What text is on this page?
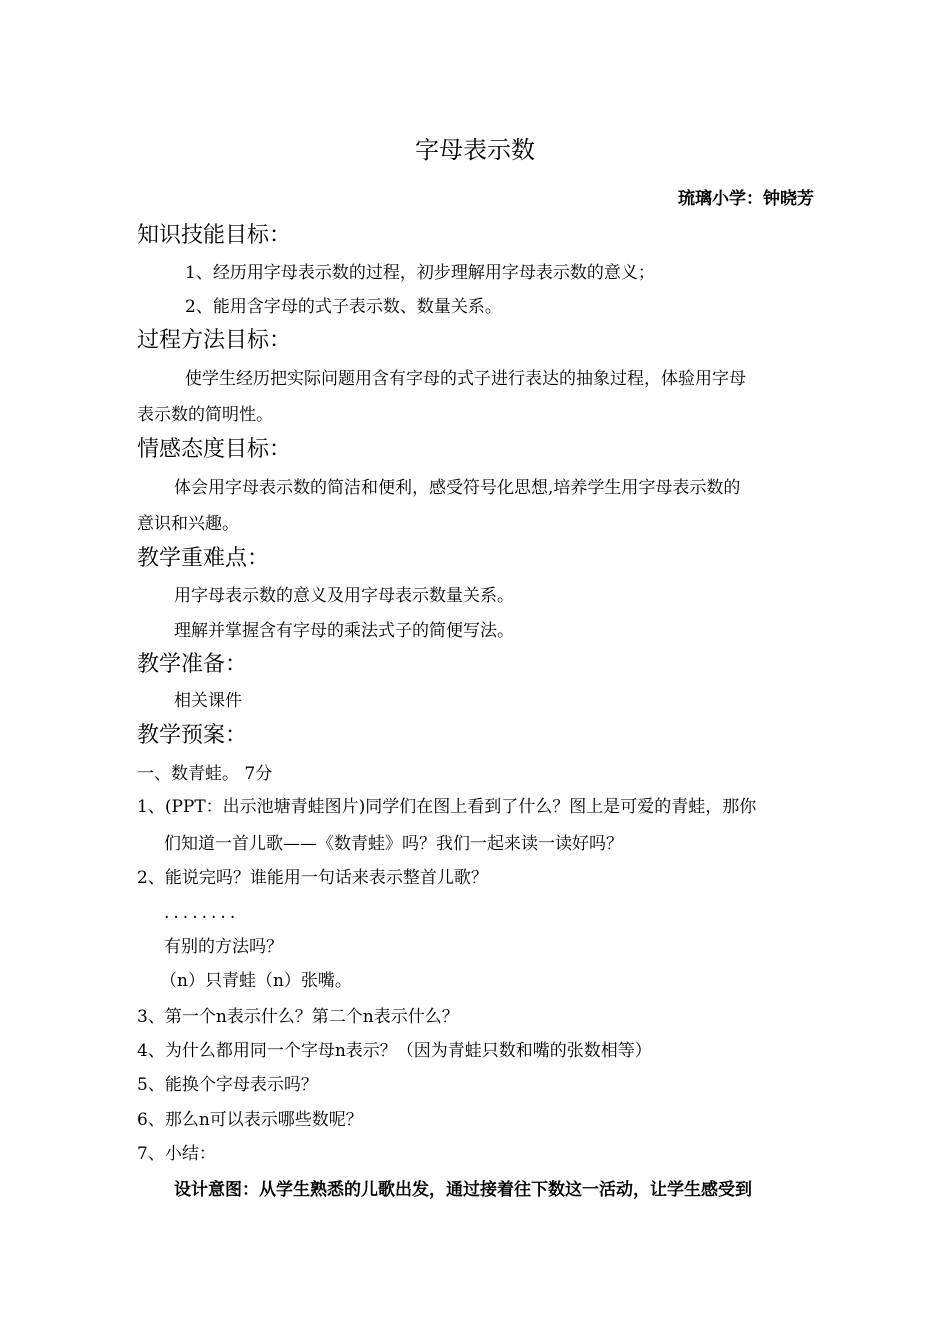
字母表示数
琉璃小学：钟晓芳
知识技能目标：
1、经历用字母表示数的过程，初步理解用字母表示数的意义；
2、能用含字母的式子表示数、数量关系。
过程方法目标：
使学生经历把实际问题用含有字母的式子进行表达的抽象过程，体验用字母
表示数的简明性。
情感态度目标：
体会用字母表示数的简洁和便利，感受符号化思想,培养学生用字母表示数的
意识和兴趣。
教学重难点：
用字母表示数的意义及用字母表示数量关系。
理解并掌握含有字母的乘法式子的简便写法。
教学准备：
相关课件
教学预案：
一、数青蛙。 7分
1、(PPT：出示池塘青蛙图片)同学们在图上看到了什么？图上是可爱的青蛙，那你
们知道一首儿歌——《数青蛙》吗？我们一起来读一读好吗？
2、能说完吗？谁能用一句话来表示整首儿歌？
........
有别的方法吗？
（n）只青蛙（n）张嘴。
3、第一个n表示什么？第二个n表示什么？
4、为什么都用同一个字母n表示？（因为青蛙只数和嘴的张数相等）
5、能换个字母表示吗？
6、那么n可以表示哪些数呢？
7、小结：
设计意图：从学生熟悉的儿歌出发，通过接着往下数这一活动，让学生感受到
